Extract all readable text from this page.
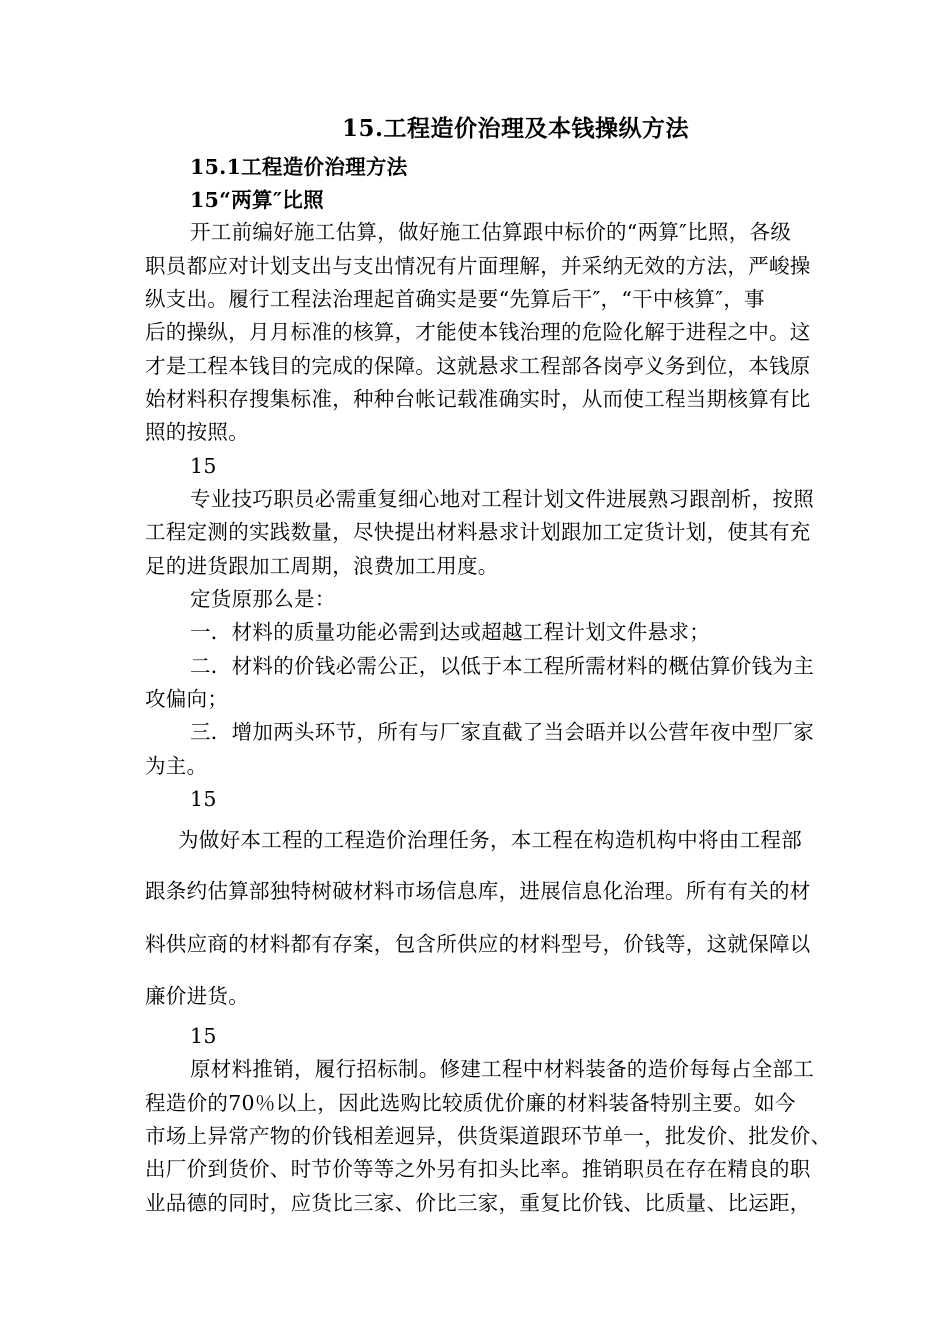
15.工程造价治理及本钱操纵方法
15.1工程造价治理方法
15“两算″比照
开工前编好施工估算，做好施工估算跟中标价的“两算″比照，各级
职员都应对计划支出与支出情况有片面理解，并采纳无效的方法，严峻操
纵支出。履行工程法治理起首确实是要“先算后干″，“干中核算″，事
后的操纵，月月标准的核算，才能使本钱治理的危险化解于进程之中。这
才是工程本钱目的完成的保障。这就悬求工程部各岗亭义务到位，本钱原
始材料积存搜集标准，种种台帐记载准确实时，从而使工程当期核算有比
照的按照。
15
专业技巧职员必需重复细心地对工程计划文件进展熟习跟剖析，按照
工程定测的实践数量，尽快提出材料悬求计划跟加工定货计划，使其有充
足的进货跟加工周期，浪费加工用度。
定货原那么是：
一．材料的质量功能必需到达或超越工程计划文件悬求；
二．材料的价钱必需公正，以低于本工程所需材料的概估算价钱为主
攻偏向；
三．增加两头环节，所有与厂家直截了当会晤并以公营年夜中型厂家
为主。
15
为做好本工程的工程造价治理任务，本工程在构造机构中将由工程部
跟条约估算部独特树破材料市场信息库，进展信息化治理。所有有关的材
料供应商的材料都有存案，包含所供应的材料型号，价钱等，这就保障以
廉价进货。
15
原材料推销，履行招标制。修建工程中材料装备的造价每每占全部工
程造价的70％以上，因此选购比较质优价廉的材料装备特别主要。如今
市场上异常产物的价钱相差迥异，供货渠道跟环节单一，批发价、批发价、
出厂价到货价、时节价等等之外另有扣头比率。推销职员在存在精良的职
业品德的同时，应货比三家、价比三家，重复比价钱、比质量、比运距，
